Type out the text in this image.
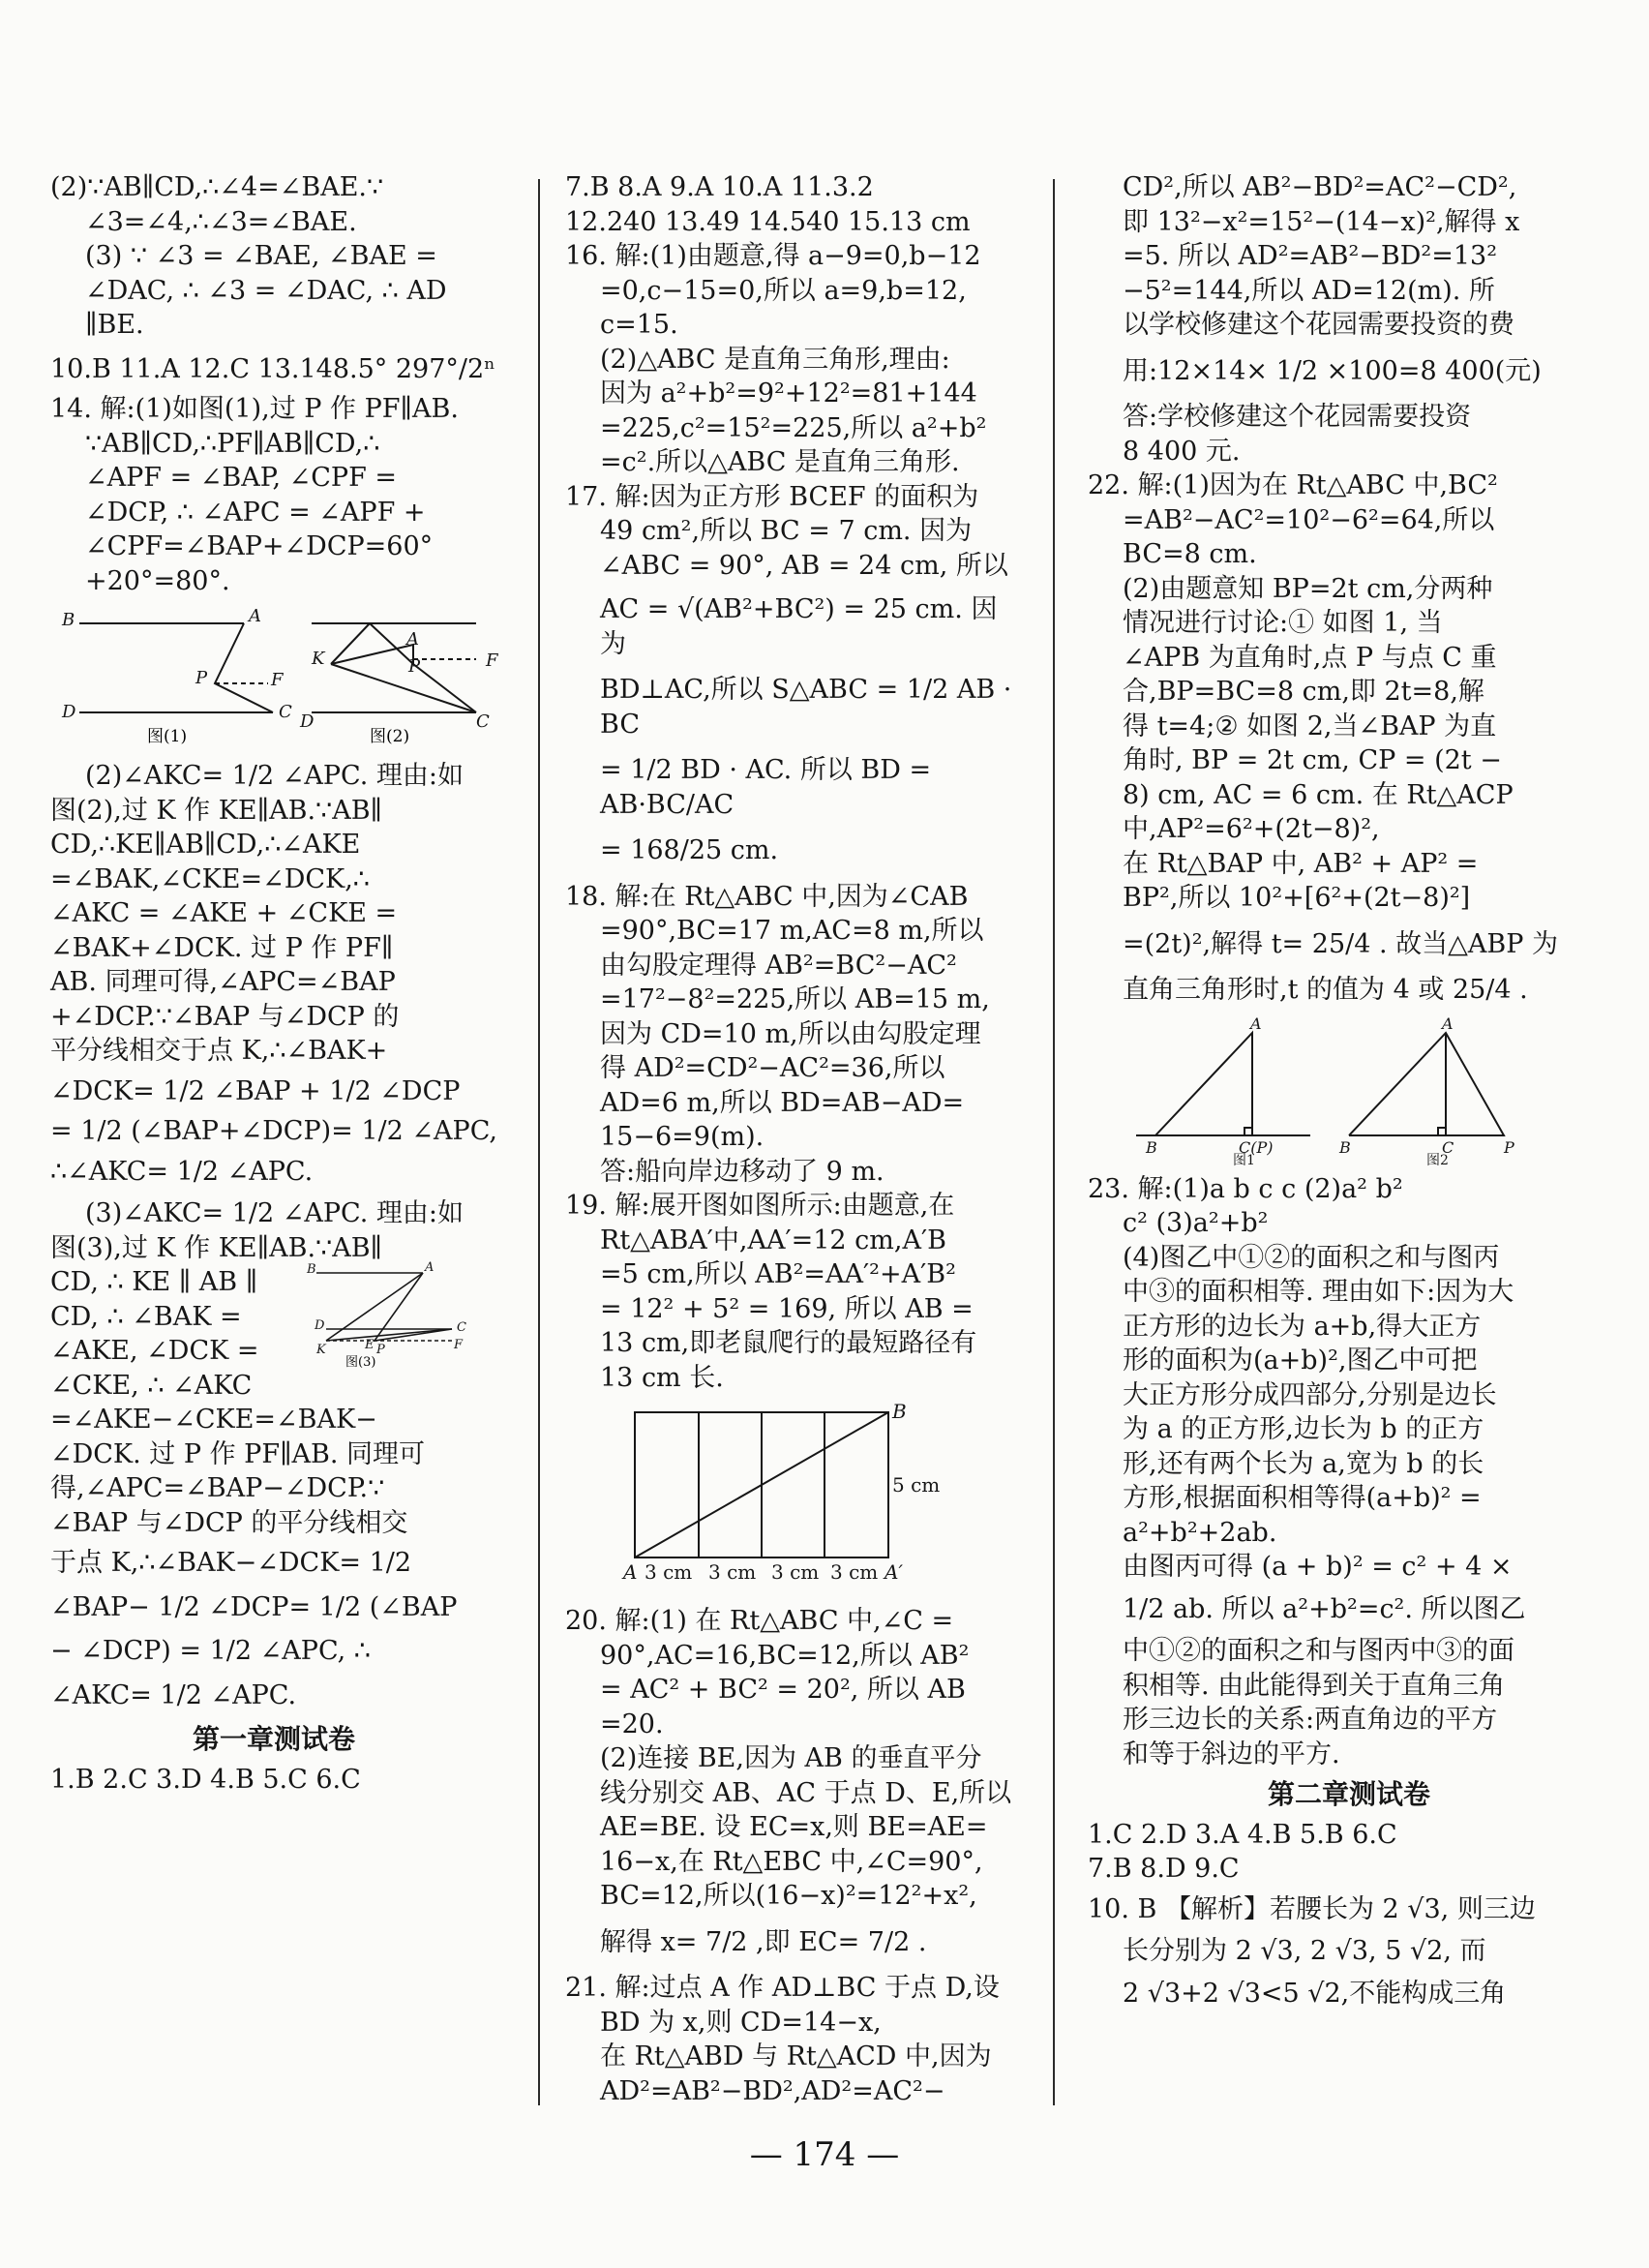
(2)∵AB∥CD,∴∠4=∠BAE.∵

∠3=∠4,∴∠3=∠BAE.

(3) ∵ ∠3 = ∠BAE, ∠BAE =

∠DAC, ∴ ∠3 = ∠DAC, ∴ AD

∥BE.

10.B 11.A 12.C 13.148.5° 297°/2ⁿ

14. 解:(1)如图(1),过 P 作 PF∥AB.

∵AB∥CD,∴PF∥AB∥CD,∴

∠APF = ∠BAP, ∠CPF =

∠DCP, ∴ ∠APC = ∠APF +

∠CPF=∠BAP+∠DCP=60°

+20°=80°.

B	A
D	C
P	F
K
A
P	F
C
D
图(1)	图(2)

(2)∠AKC= 1/2 ∠APC. 理由:如

图(2),过 K 作 KE∥AB.∵AB∥

CD,∴KE∥AB∥CD,∴∠AKE

=∠BAK,∠CKE=∠DCK,∴

∠AKC = ∠AKE + ∠CKE =

∠BAK+∠DCK. 过 P 作 PF∥

AB. 同理可得,∠APC=∠BAP

+∠DCP.∵∠BAP 与∠DCP 的

平分线相交于点 K,∴∠BAK+

∠DCK= 1/2 ∠BAP + 1/2 ∠DCP

= 1/2 (∠BAP+∠DCP)= 1/2 ∠APC,

∴∠AKC= 1/2 ∠APC.

(3)∠AKC= 1/2 ∠APC. 理由:如

图(3),过 K 作 KE∥AB.∵AB∥

CD, ∴ KE ∥ AB ∥

CD, ∴ ∠BAK =

∠AKE, ∠DCK =

∠CKE, ∴ ∠AKC

B	A
D	C
K	P
E	F
图(3)

=∠AKE−∠CKE=∠BAK−

∠DCK. 过 P 作 PF∥AB. 同理可

得,∠APC=∠BAP−∠DCP.∵

∠BAP 与∠DCP 的平分线相交

于点 K,∴∠BAK−∠DCK= 1/2

∠BAP− 1/2 ∠DCP= 1/2 (∠BAP

− ∠DCP) = 1/2 ∠APC, ∴

∠AKC= 1/2 ∠APC.

第一章测试卷

1.B 2.C 3.D 4.B 5.C 6.C

7.B 8.A 9.A 10.A 11.3.2

12.240 13.49 14.540 15.13 cm

16. 解:(1)由题意,得 a−9=0,b−12

=0,c−15=0,所以 a=9,b=12,

c=15.

(2)△ABC 是直角三角形,理由:

因为 a²+b²=9²+12²=81+144

=225,c²=15²=225,所以 a²+b²

=c².所以△ABC 是直角三角形.

17. 解:因为正方形 BCEF 的面积为

49 cm²,所以 BC = 7 cm. 因为

∠ABC = 90°, AB = 24 cm, 所以

AC = √(AB²+BC²) = 25 cm. 因为

BD⊥AC,所以 S△ABC = 1/2 AB · BC

= 1/2 BD · AC. 所以 BD = AB·BC/AC

= 168/25 cm.

18. 解:在 Rt△ABC 中,因为∠CAB

=90°,BC=17 m,AC=8 m,所以

由勾股定理得 AB²=BC²−AC²

=17²−8²=225,所以 AB=15 m,

因为 CD=10 m,所以由勾股定理

得 AD²=CD²−AC²=36,所以

AD=6 m,所以 BD=AB−AD=

15−6=9(m).

答:船向岸边移动了 9 m.

19. 解:展开图如图所示:由题意,在

Rt△ABA′中,AA′=12 cm,A′B

=5 cm,所以 AB²=AA′²+A′B²

= 12² + 5² = 169, 所以 AB =

13 cm,即老鼠爬行的最短路径有

13 cm 长.

B
5 cm
A	A′
3 cm 3 cm 3 cm 3 cm

20. 解:(1) 在 Rt△ABC 中,∠C =

90°,AC=16,BC=12,所以 AB²

= AC² + BC² = 20², 所以 AB

=20.

(2)连接 BE,因为 AB 的垂直平分

线分别交 AB、AC 于点 D、E,所以

AE=BE. 设 EC=x,则 BE=AE=

16−x,在 Rt△EBC 中,∠C=90°,

BC=12,所以(16−x)²=12²+x²,

解得 x= 7/2 ,即 EC= 7/2 .

21. 解:过点 A 作 AD⊥BC 于点 D,设

BD 为 x,则 CD=14−x,

在 Rt△ABD 与 Rt△ACD 中,因为

AD²=AB²−BD²,AD²=AC²−

CD²,所以 AB²−BD²=AC²−CD²,

即 13²−x²=15²−(14−x)²,解得 x

=5. 所以 AD²=AB²−BD²=13²

−5²=144,所以 AD=12(m). 所

以学校修建这个花园需要投资的费

用:12×14× 1/2 ×100=8 400(元)

答:学校修建这个花园需要投资

8 400 元.

22. 解:(1)因为在 Rt△ABC 中,BC²

=AB²−AC²=10²−6²=64,所以

BC=8 cm.

(2)由题意知 BP=2t cm,分两种

情况进行讨论:① 如图 1, 当

∠APB 为直角时,点 P 与点 C 重

合,BP=BC=8 cm,即 2t=8,解

得 t=4;② 如图 2,当∠BAP 为直

角时, BP = 2t cm, CP = (2t −

8) cm, AC = 6 cm. 在 Rt△ACP

中,AP²=6²+(2t−8)²,

在 Rt△BAP 中, AB² + AP² =

BP²,所以 10²+[6²+(2t−8)²]

=(2t)²,解得 t= 25/4 . 故当△ABP 为

直角三角形时,t 的值为 4 或 25/4 .

A
B	C(P)
A
B	C	P
图1	图2

23. 解:(1)a b c c (2)a² b²

c² (3)a²+b²

(4)图乙中①②的面积之和与图丙

中③的面积相等. 理由如下:因为大

正方形的边长为 a+b,得大正方

形的面积为(a+b)²,图乙中可把

大正方形分成四部分,分别是边长

为 a 的正方形,边长为 b 的正方

形,还有两个长为 a,宽为 b 的长

方形,根据面积相等得(a+b)² =

a²+b²+2ab.

由图丙可得 (a + b)² = c² + 4 ×

1/2 ab. 所以 a²+b²=c². 所以图乙

中①②的面积之和与图丙中③的面

积相等. 由此能得到关于直角三角

形三边长的关系:两直角边的平方

和等于斜边的平方.

第二章测试卷

1.C 2.D 3.A 4.B 5.B 6.C

7.B 8.D 9.C

10. B 【解析】若腰长为 2 √3, 则三边

长分别为 2 √3, 2 √3, 5 √2, 而

2 √3+2 √3<5 √2,不能构成三角

— 174 —
